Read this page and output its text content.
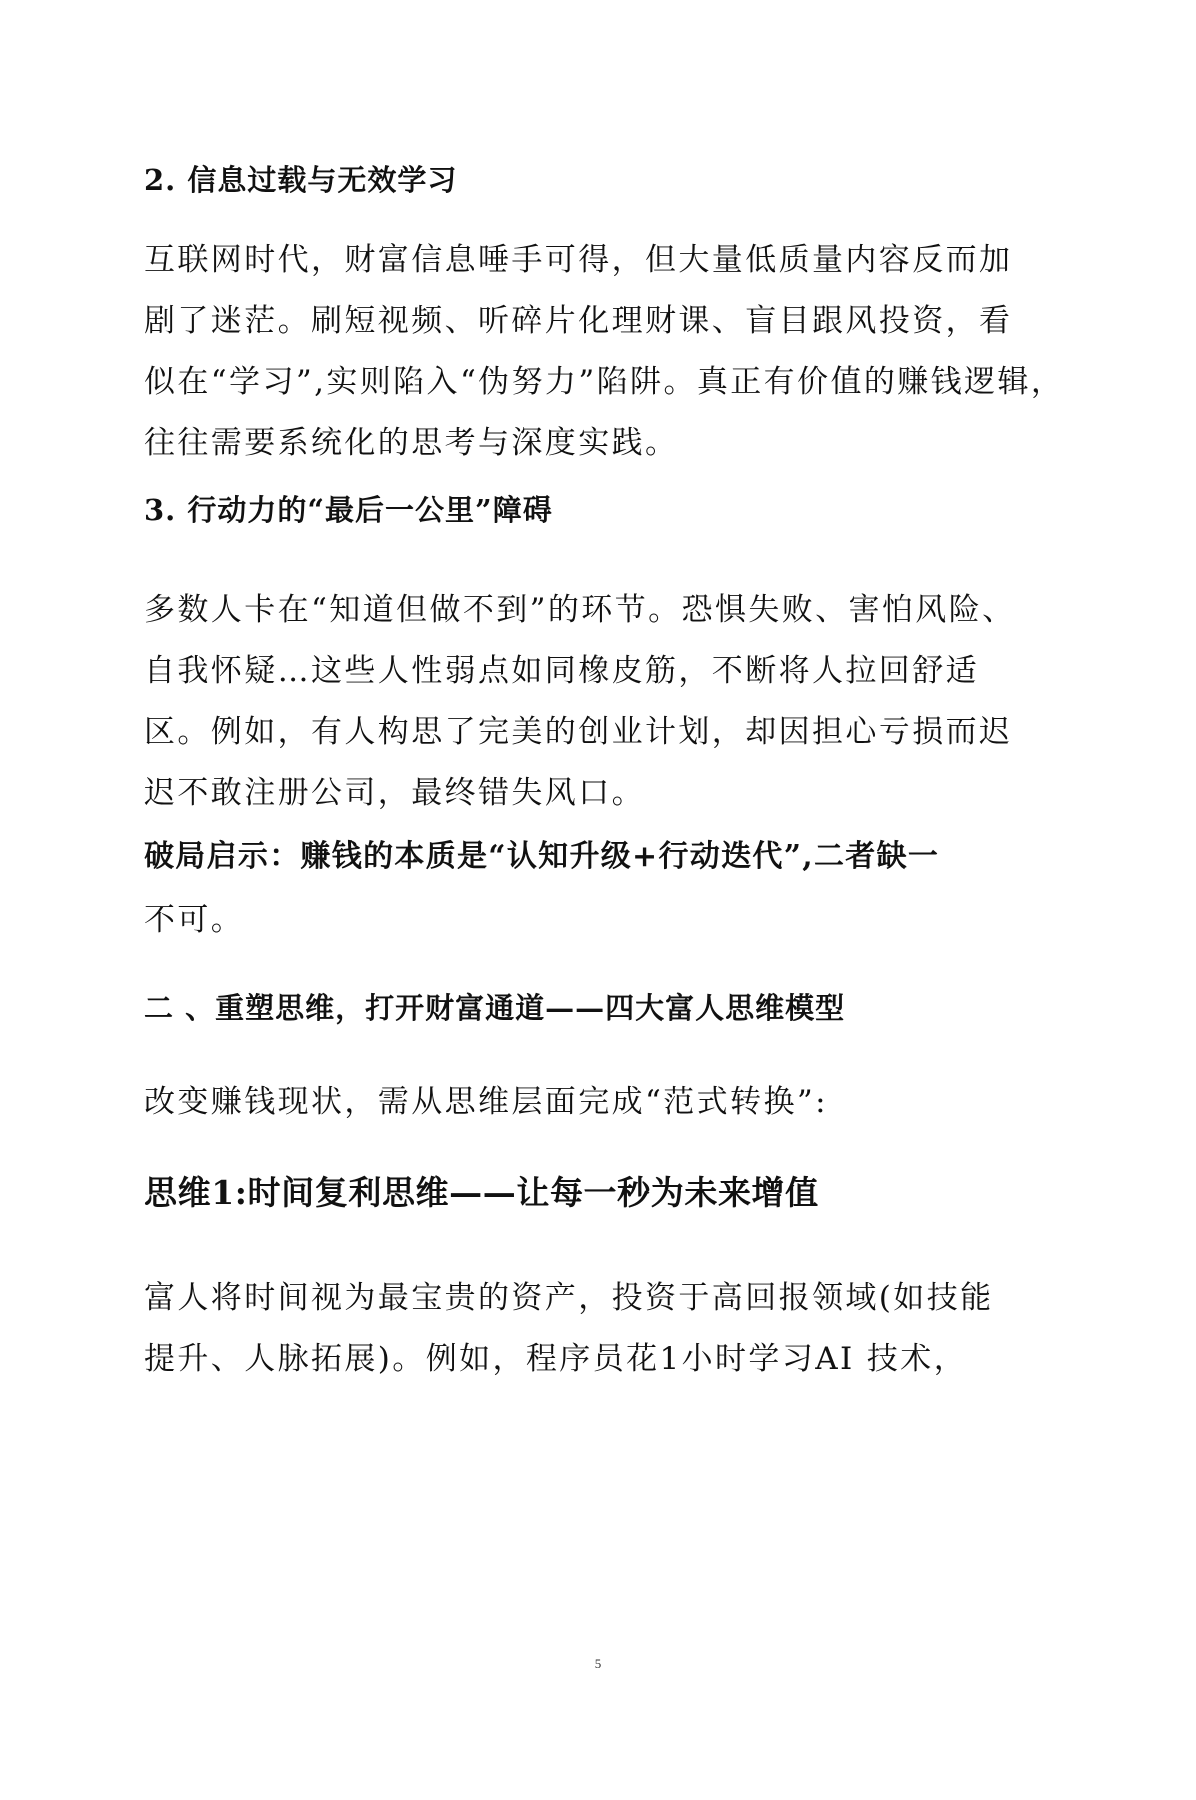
2. 信息过载与无效学习
互联网时代，财富信息唾手可得，但大量低质量内容反而加
剧了迷茫。刷短视频、听碎片化理财课、盲目跟风投资，看
似在“学习”,实则陷入“伪努力”陷阱。真正有价值的赚钱逻辑，
往往需要系统化的思考与深度实践。
3. 行动力的“最后一公里”障碍
多数人卡在“知道但做不到”的环节。恐惧失败、害怕风险、
自我怀疑…这些人性弱点如同橡皮筋，不断将人拉回舒适
区。例如，有人构思了完美的创业计划，却因担心亏损而迟
迟不敢注册公司，最终错失风口。
破局启示：赚钱的本质是“认知升级+行动迭代”,二者缺一
不可。
二 、重塑思维，打开财富通道——四大富人思维模型
改变赚钱现状，需从思维层面完成“范式转换”:
思维1:时间复利思维——让每一秒为未来增值
富人将时间视为最宝贵的资产，投资于高回报领域(如技能
提升、人脉拓展)。例如，程序员花1小时学习AI 技术，
5
